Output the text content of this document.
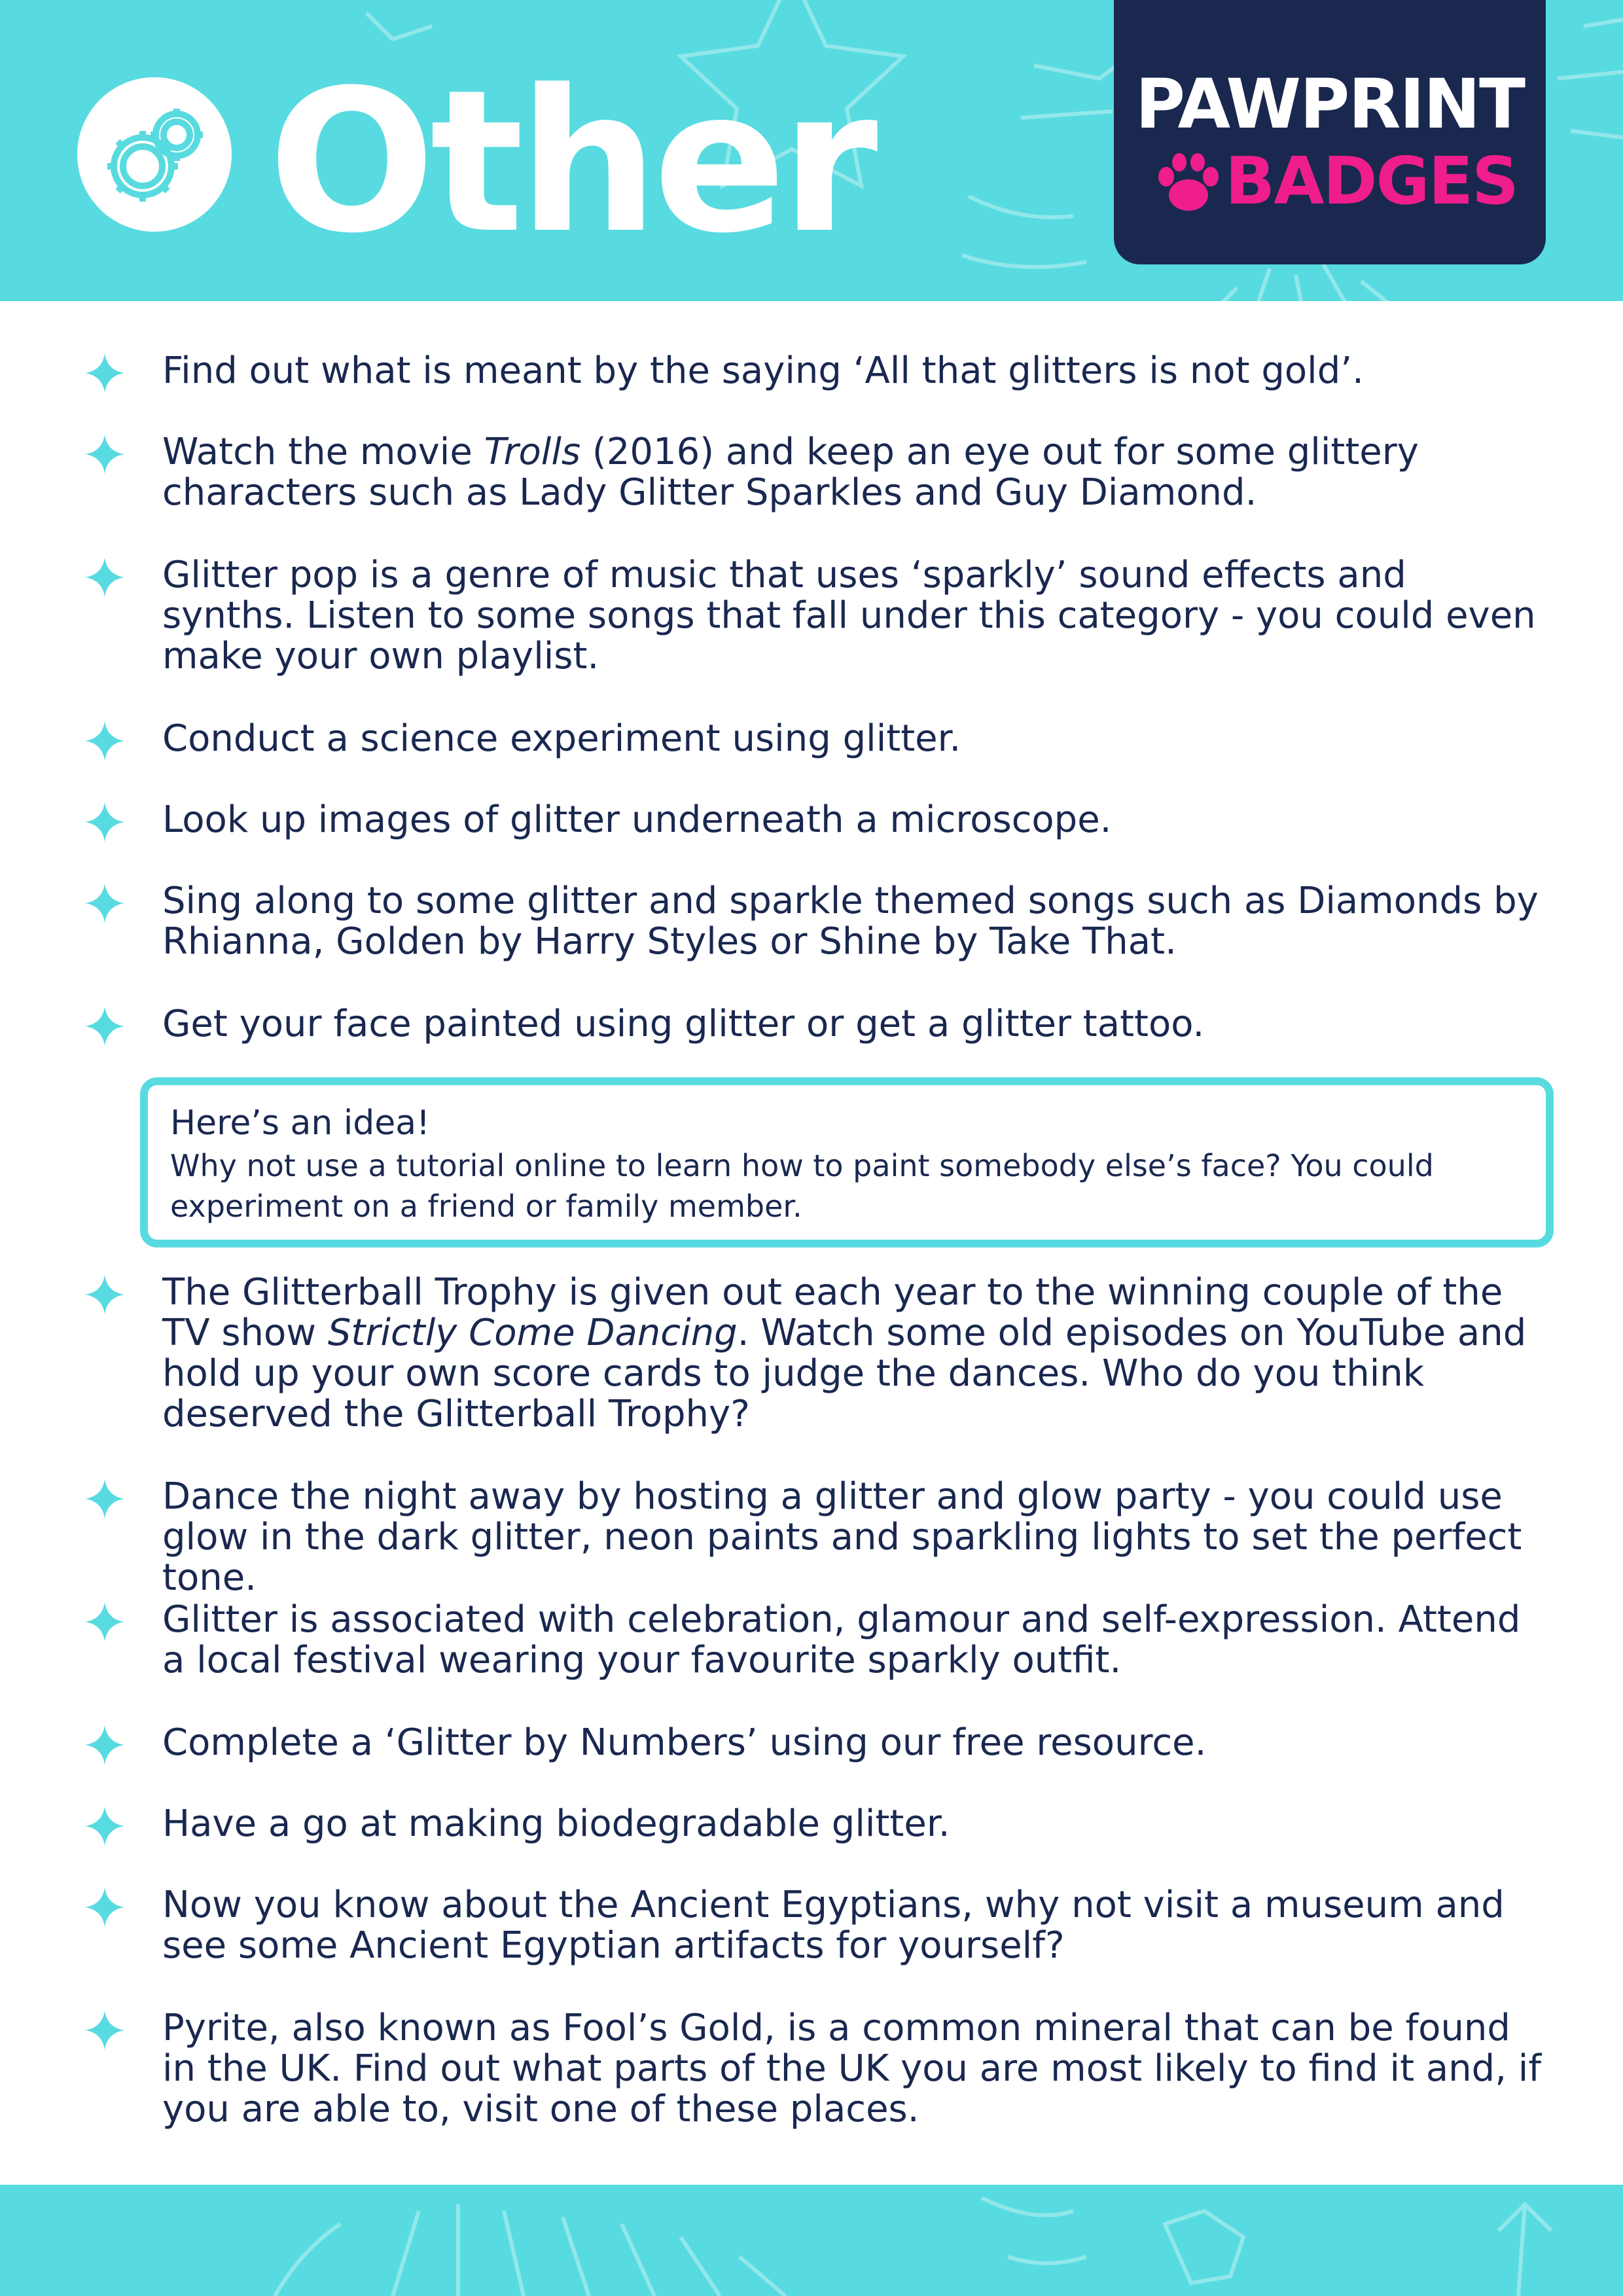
Other	PAWPRINT
BADGES
Find out what is meant by the saying ‘All that glitters is not gold’.
Watch the movie Trolls (2016) and keep an eye out for some glittery characters such as Lady Glitter Sparkles and Guy Diamond.
Glitter pop is a genre of music that uses ‘sparkly’ sound effects and synths. Listen to some songs that fall under this category - you could even make your own playlist.
Conduct a science experiment using glitter.
Look up images of glitter underneath a microscope.
Sing along to some glitter and sparkle themed songs such as Diamonds by Rhianna, Golden by Harry Styles or Shine by Take That.
Get your face painted using glitter or get a glitter tattoo.
Here’s an idea!
Why not use a tutorial online to learn how to paint somebody else’s face? You could experiment on a friend or family member.
The Glitterball Trophy is given out each year to the winning couple of the TV show Strictly Come Dancing. Watch some old episodes on YouTube and hold up your own score cards to judge the dances. Who do you think deserved the Glitterball Trophy?
Dance the night away by hosting a glitter and glow party - you could use glow in the dark glitter, neon paints and sparkling lights to set the perfect tone.
Glitter is associated with celebration, glamour and self-expression. Attend a local festival wearing your favourite sparkly outfit.
Complete a ‘Glitter by Numbers’ using our free resource.
Have a go at making biodegradable glitter.
Now you know about the Ancient Egyptians, why not visit a museum and see some Ancient Egyptian artifacts for yourself?
Pyrite, also known as Fool’s Gold, is a common mineral that can be found in the UK. Find out what parts of the UK you are most likely to find it and, if you are able to, visit one of these places.
